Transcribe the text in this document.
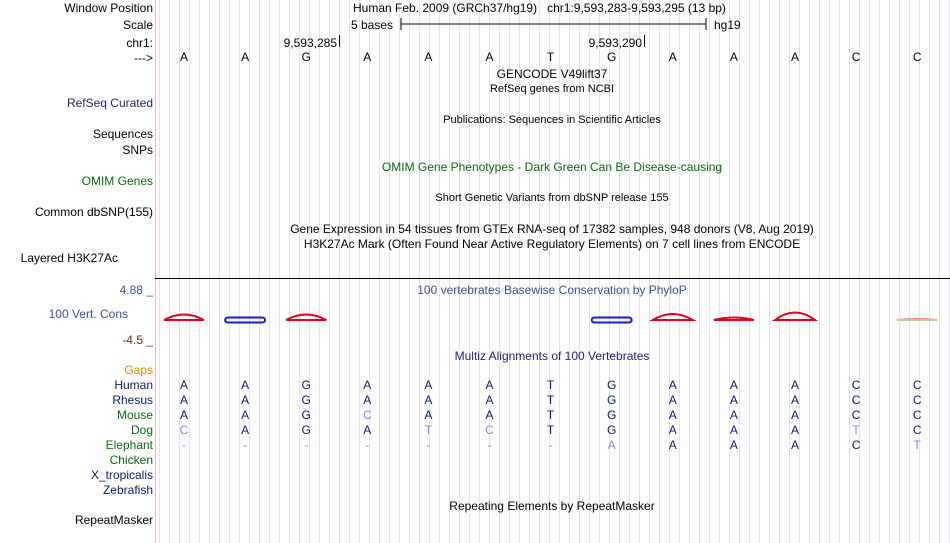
Window Position	Human Feb. 2009 (GRCh37/hg19) chr1:9,593,283-9,593,295 (13 bp)
Scale	5 bases	hg19
chr1:	9,593,285	9,593,290
--->	A	A	G	A	A	A	T	G	A	A	A	C	C
GENCODE V49lift37
RefSeq genes from NCBI
RefSeq Curated
Publications: Sequences in Scientific Articles
Sequences
SNPs
OMIM Gene Phenotypes - Dark Green Can Be Disease-causing
OMIM Genes
Short Genetic Variants from dbSNP release 155
Common dbSNP(155)
Gene Expression in 54 tissues from GTEx RNA-seq of 17382 samples, 948 donors (V8, Aug 2019)
H3K27Ac Mark (Often Found Near Active Regulatory Elements) on 7 cell lines from ENCODE
Layered H3K27Ac
100 vertebrates Basewise Conservation by PhyloP
4.88 _
100 Vert. Cons
-4.5 _
Multiz Alignments of 100 Vertebrates
Gaps
Human	A	A	G	A	A	A	T	G	A	A	A	C	C
Rhesus	A	A	G	A	A	A	T	G	A	A	A	C	C
Mouse	A	A	G	C	A	A	T	G	A	A	A	C	C
Dog	C	A	G	A	T	C	T	G	A	A	A	T	C
Elephant	-	-	-	-	-	-	-	A	A	A	A	C	T
Chicken
X_tropicalis
Zebrafish
Repeating Elements by RepeatMasker
RepeatMasker
